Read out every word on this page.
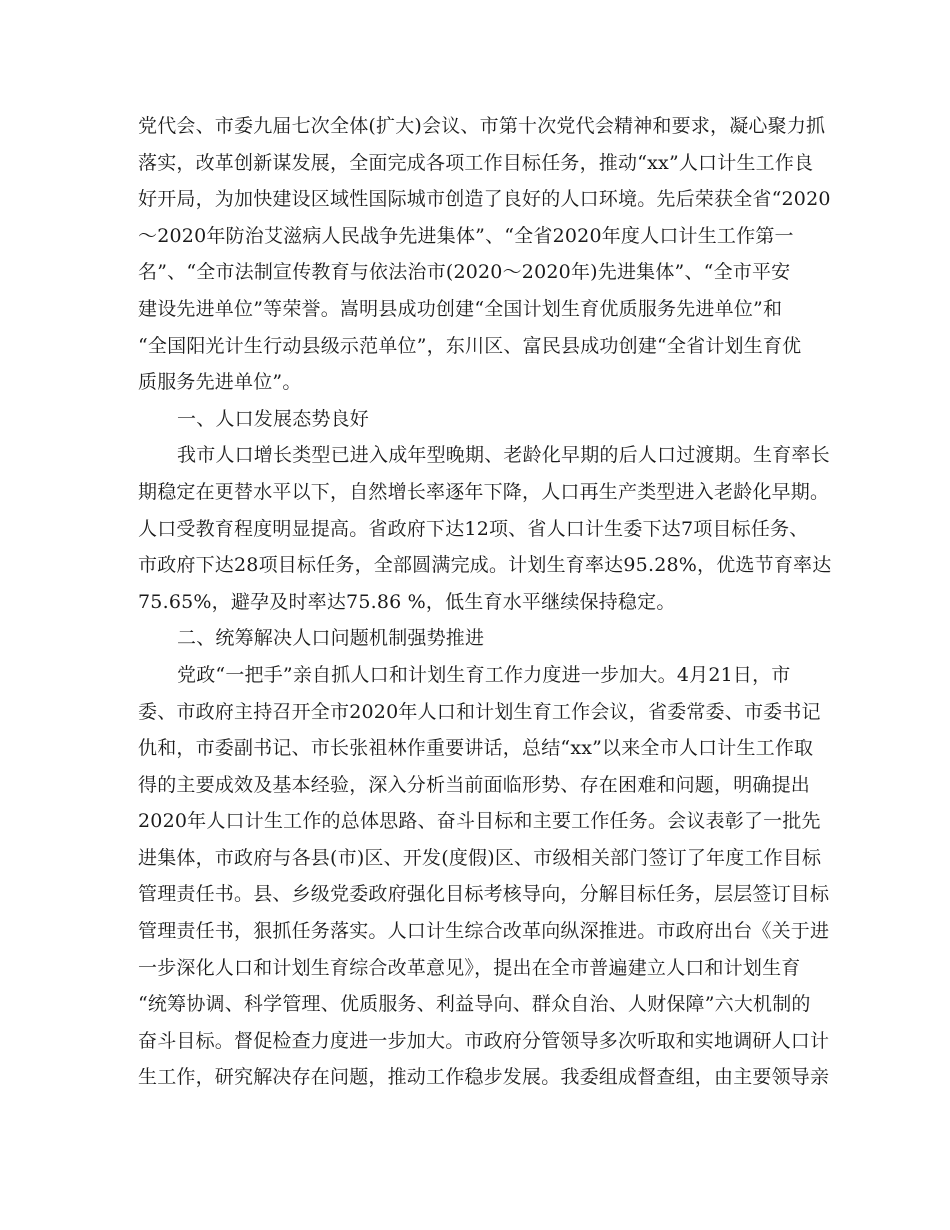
党代会、市委九届七次全体(扩大)会议、市第十次党代会精神和要求，凝心聚力抓
落实，改革创新谋发展，全面完成各项工作目标任务，推动“xx”人口计生工作良
好开局，为加快建设区域性国际城市创造了良好的人口环境。先后荣获全省“2020
～2020年防治艾滋病人民战争先进集体”、“全省2020年度人口计生工作第一
名”、“全市法制宣传教育与依法治市(2020～2020年)先进集体”、“全市平安
建设先进单位”等荣誉。嵩明县成功创建“全国计划生育优质服务先进单位”和
“全国阳光计生行动县级示范单位”，东川区、富民县成功创建“全省计划生育优
质服务先进单位”。
一、人口发展态势良好
我市人口增长类型已进入成年型晚期、老龄化早期的后人口过渡期。生育率长
期稳定在更替水平以下，自然增长率逐年下降，人口再生产类型进入老龄化早期。
人口受教育程度明显提高。省政府下达12项、省人口计生委下达7项目标任务、
市政府下达28项目标任务，全部圆满完成。计划生育率达95.28%，优选节育率达
75.65%，避孕及时率达75.86 %，低生育水平继续保持稳定。
二、统筹解决人口问题机制强势推进
党政“一把手”亲自抓人口和计划生育工作力度进一步加大。4月21日，市
委、市政府主持召开全市2020年人口和计划生育工作会议，省委常委、市委书记
仇和，市委副书记、市长张祖林作重要讲话，总结“xx”以来全市人口计生工作取
得的主要成效及基本经验，深入分析当前面临形势、存在困难和问题，明确提出
2020年人口计生工作的总体思路、奋斗目标和主要工作任务。会议表彰了一批先
进集体，市政府与各县(市)区、开发(度假)区、市级相关部门签订了年度工作目标
管理责任书。县、乡级党委政府强化目标考核导向，分解目标任务，层层签订目标
管理责任书，狠抓任务落实。人口计生综合改革向纵深推进。市政府出台《关于进
一步深化人口和计划生育综合改革意见》，提出在全市普遍建立人口和计划生育
“统筹协调、科学管理、优质服务、利益导向、群众自治、人财保障”六大机制的
奋斗目标。督促检查力度进一步加大。市政府分管领导多次听取和实地调研人口计
生工作，研究解决存在问题，推动工作稳步发展。我委组成督查组，由主要领导亲
